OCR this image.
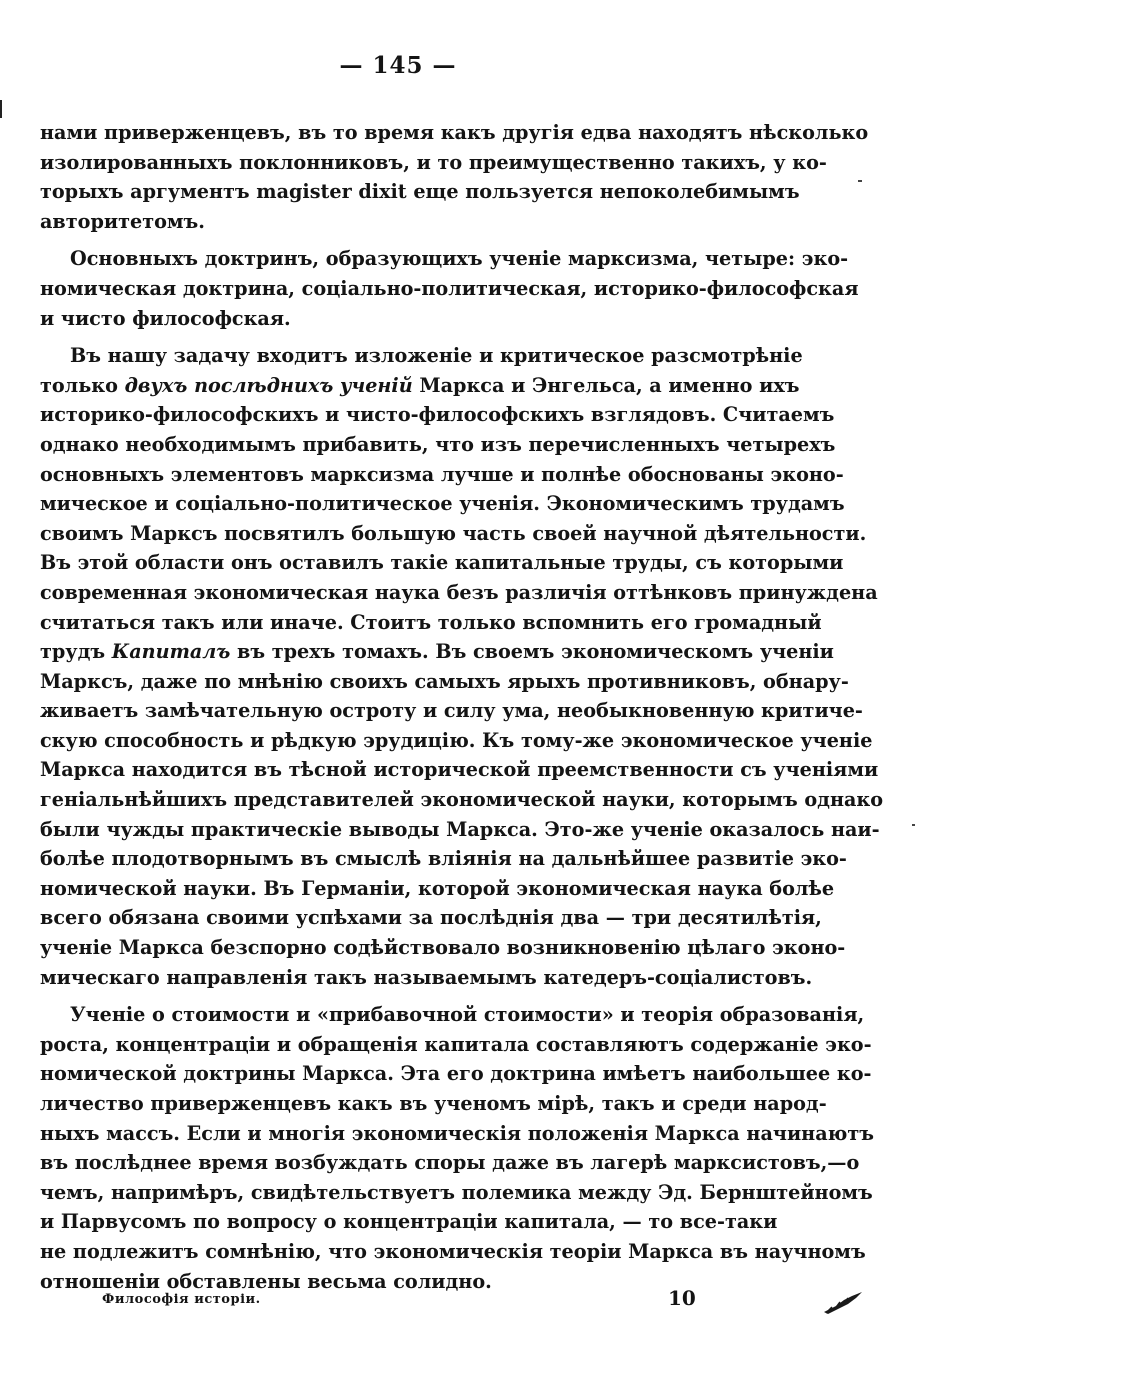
— 145 —

нами приверженцевъ, въ то время какъ другія едва находятъ нѣсколько
изолированныхъ поклонниковъ, и то преимущественно такихъ, у ко-
торыхъ аргументъ magister dixit еще пользуется непоколебимымъ
авторитетомъ.

Основныхъ доктринъ, образующихъ ученіе марксизма, четыре: эко-
номическая доктрина, соціально-политическая, историко-философская
и чисто философская.

Въ нашу задачу входитъ изложеніе и критическое разсмотрѣніе
только двухъ послѣднихъ ученій Маркса и Энгельса, а именно ихъ
историко-философскихъ и чисто-философскихъ взглядовъ. Считаемъ
однако необходимымъ прибавить, что изъ перечисленныхъ четырехъ
основныхъ элементовъ марксизма лучше и полнѣе обоснованы эконо-
мическое и соціально-политическое ученія. Экономическимъ трудамъ
своимъ Марксъ посвятилъ большую часть своей научной дѣятельности.
Въ этой области онъ оставилъ такіе капитальные труды, съ которыми
современная экономическая наука безъ различія оттѣнковъ принуждена
считаться такъ или иначе. Стоитъ только вспомнить его громадный
трудъ Капиталъ въ трехъ томахъ. Въ своемъ экономическомъ ученіи
Марксъ, даже по мнѣнію своихъ самыхъ ярыхъ противниковъ, обнару-
живаетъ замѣчательную остроту и силу ума, необыкновенную критиче-
скую способность и рѣдкую эрудицію. Къ тому-же экономическое ученіе
Маркса находится въ тѣсной исторической преемственности съ ученіями
геніальнѣйшихъ представителей экономической науки, которымъ однако
были чужды практическіе выводы Маркса. Это-же ученіе оказалось наи-
болѣе плодотворнымъ въ смыслѣ вліянія на дальнѣйшее развитіе эко-
номической науки. Въ Германіи, которой экономическая наука болѣе
всего обязана своими успѣхами за послѣднія два — три десятилѣтія,
ученіе Маркса безспорно содѣйствовало возникновенію цѣлаго эконо-
мическаго направленія такъ называемымъ катедеръ-соціалистовъ.

Ученіе о стоимости и «прибавочной стоимости» и теорія образованія,
роста, концентраціи и обращенія капитала составляютъ содержаніе эко-
номической доктрины Маркса. Эта его доктрина имѣетъ наибольшее ко-
личество приверженцевъ какъ въ ученомъ мірѣ, такъ и среди народ-
ныхъ массъ. Если и многія экономическія положенія Маркса начинаютъ
въ послѣднее время возбуждать споры даже въ лагерѣ марксистовъ,—о
чемъ, напримѣръ, свидѣтельствуетъ полемика между Эд. Бернштейномъ
и Парвусомъ по вопросу о концентраціи капитала, — то все-таки
не подлежитъ сомнѣнію, что экономическія теоріи Маркса въ научномъ
отношеніи обставлены весьма солидно.

Философія исторіи.	10
